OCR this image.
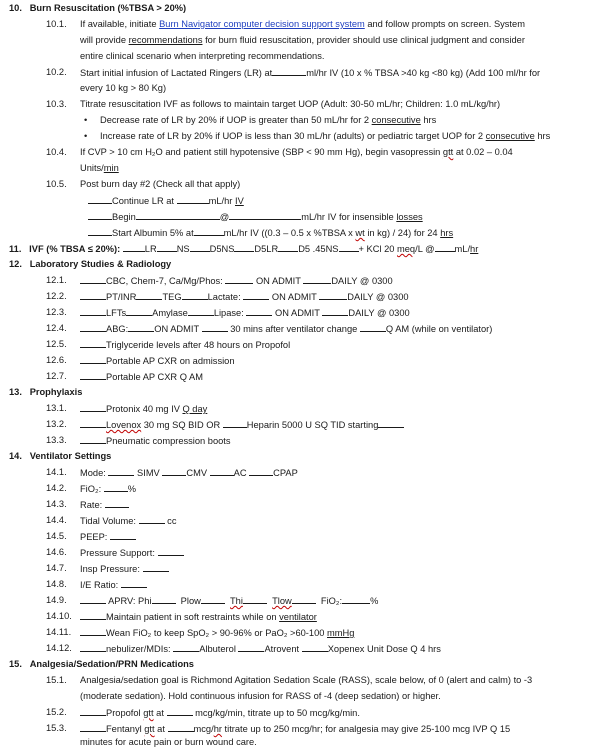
10. Burn Resuscitation (%TBSA > 20%)
10.1. If available, initiate Burn Navigator computer decision support system and follow prompts on screen. System
will provide recommendations for burn fluid resuscitation, provider should use clinical judgment and consider
entire clinical scenario when interpreting recommendations.
10.2. Start initial infusion of Lactated Ringers (LR) at	ml/hr IV (10 x % TBSA >40 kg <80 kg) (Add 100 ml/hr for
every 10 kg > 80 Kg)
10.3. Titrate resuscitation IVF as follows to maintain target UOP (Adult: 30-50 mL/hr; Children: 1.0 mL/kg/hr)
• Decrease rate of LR by 20% if UOP is greater than 50 mL/hr for 2 consecutive hrs
• Increase rate of LR by 20% if UOP is less than 30 mL/hr (adults) or pediatric target UOP for 2 consecutive hrs
10.4. If CVP > 10 cm H₂O and patient still hypotensive (SBP < 90 mm Hg), begin vasopressin gtt at 0.02 – 0.04
Units/min
10.5. Post burn day #2 (Check all that apply)
Continue LR at	mL/hr IV
Begin	@	mL/hr IV for insensible losses
Start Albumin 5% at	mL/hr IV ((0.3 – 0.5 x %TBSA x wt in kg) / 24) for 24 hrs
11. IVF (% TBSA ≤ 20%):	LR NS D5NS D5LR D5 .45NS + KCl 20 meq/L @ mL/hr
12. Laboratory Studies & Radiology
12.1.	CBC, Chem-7, Ca/Mg/Phos:	ON ADMIT	DAILY @ 0300
12.2.	PT/INR	TEG	Lactate:	ON ADMIT	DAILY @ 0300
12.3.	LFTs	Amylase	Lipase:	ON ADMIT	DAILY @ 0300
12.4.	ABG:	ON ADMIT	30 mins after ventilator change	Q AM (while on ventilator)
12.5.	Triglyceride levels after 48 hours on Propofol
12.6.	Portable AP CXR on admission
12.7.	Portable AP CXR Q AM
13. Prophylaxis
13.1.	Protonix 40 mg IV Q day
13.2.	Lovenox 30 mg SQ BID OR	Heparin 5000 U SQ TID starting
13.3.	Pneumatic compression boots
14. Ventilator Settings
14.1. Mode:	SIMV	CMV	AC	CPAP
14.2. FiO₂:	%
14.3. Rate:
14.4. Tidal Volume:	cc
14.5. PEEP:
14.6. Pressure Support:
14.7. Insp Pressure:
14.8. I/E Ratio:
14.9.	APRV: Phi	Plow	Thi	Tlow	FiO₂:	%
14.10.	Maintain patient in soft restraints while on ventilator
14.11.	Wean FiO₂ to keep SpO₂ > 90-96% or PaO₂ >60-100 mmHg
14.12.	nebulizer/MDIs:	Albuterol	Atrovent	Xopenex Unit Dose Q 4 hrs
15. Analgesia/Sedation/PRN Medications
15.1. Analgesia/sedation goal is Richmond Agitation Sedation Scale (RASS), scale below, of 0 (alert and calm) to -3
(moderate sedation). Hold continuous infusion for RASS of -4 (deep sedation) or higher.
15.2.	Propofol gtt at	mcg/kg/min, titrate up to 50 mcg/kg/min.
15.3.	Fentanyl gtt at	mcg/hr titrate up to 250 mcg/hr; for analgesia may give 25-100 mcg IVP Q 15
minutes for acute pain or burn wound care.
